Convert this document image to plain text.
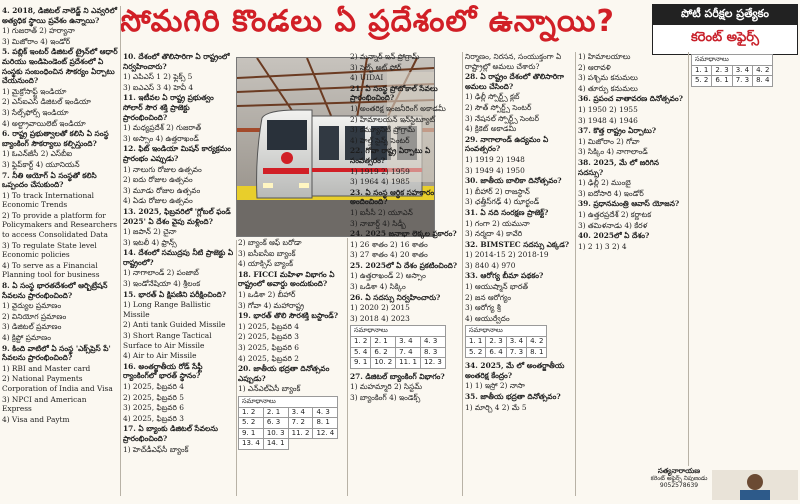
సోమగిరి కొండలు ఏ ప్రదేశంలో ఉన్నాయి?	పోటీ పరీక్షల ప్రత్యేకం
కరెంట్ అఫైర్స్

4. 2018, డిజిటల్ నాలెడ్జ్ ని ఎవ్వరిలో అత్యధిక స్థాయి ప్రవేశం ఉన్నాయి?

1) గుజరాత్ 2) హర్యానా

3) మిజోరాం 4) ఇండోర్

5. పబ్లిక్ ఇంటర్ డిజిటల్ ట్రైన్‌లో ఆధార్ మరియు ఇండిపెండెంట్ ప్రదేశంలో ఏ సంస్థకు సంబంధించిన సౌకర్యం ఏర్పాటు చేయనుంది?

1) మైక్రోసాఫ్ట్ ఇండియా

2) ఎస్ఐఎస్ డిజిటల్ ఇండియా

3) సేల్స్‌ఫోర్స్ ఇండియా

4) అల్ట్రావాయిలెట్ ఇండియా

6. రాష్ట్ర ప్రభుత్వాలతో కలిసి ఏ సంస్థ బ్యాంకింగ్ సౌకర్యాలు కల్పిస్తుంది?

1) ఓఎన్‌జీసీ 2) ఎస్‌బీఐ

3) ఫ్లిప్‌కార్ట్ 4) యూనియన్

7. నీతి ఆయోగ్ ఏ సంస్థతో కలిసి ఒప్పందం చేసుకుంది?

1) To track International Economic Trends

2) To provide a platform for Policymakers and Researchers to access Consolidated Data

3) To regulate State level Economic policies

4) To serve as a Financial Planning tool for business

8. ఏ సంస్థ భారతదేశంలో ఆర్బిట్రేషన్ సేవలను ప్రారంభించింది?

1) వైద్యుల ప్రమాణం

2) వినియోగ ప్రమాణం

3) డిజిటల్ ప్రమాణం

4) క్రిప్టో ప్రమాణం

9. కింది వాటిలో ఏ సంస్థ 'ఎక్స్‌ప్రెస్ పే' సేవలను ప్రారంభించింది?

1) RBI and Master card

2) National Payments Corporation of India and Visa

3) NPCI and American Express

4) Visa and Paytm

10. దేశంలో తొలిసారిగా ఏ రాష్ట్రంలో నిర్వహించారు?

1) ఎపిఎస్ 1 2) ఫ్లెక్స్ 5

3) ఐఎఎస్ 3 4) హెవీ 4

11. ఇటీవల ఏ రాష్ట్ర ప్రభుత్వం సోలార్ సౌర శక్తి ప్రాజెక్టు ప్రారంభించింది?

1) మధ్యప్రదేశ్ 2) గుజరాత్

3) అస్సాం 4) ఉత్తరాఖండ్

12. ఫిట్ ఇండియా మిషన్ కార్యక్రమం ప్రారంభం ఎప్పుడు?

1) నాలుగు రోజుల ఉత్సవం

2) ఐదు రోజుల ఉత్సవం

3) మూడు రోజుల ఉత్సవం

4) ఏడు రోజుల ఉత్సవం

13. 2025, ఫిబ్రవరిలో 'గ్లోబల్ ఫండ్ 2025' ఏ దేశం వైపు మళ్లింది?

1) జపాన్ 2) చైనా

3) ఇటలీ 4) ఫ్రాన్స్

14. దేశంలో సముద్రపు నీటి ప్రాజెక్టు ఏ రాష్ట్రంలో?

1) నాగాలాండ్ 2) పంజాబ్

3) ఇండోనేషియా 4) శ్రీలంక

15. భారత్ ఏ క్షిపణిని పరీక్షించింది?

1) Long Range Ballistic Missile

2) Anti tank Guided Missile

3) Short Range Tactical Surface to Air Missile

4) Air to Air Missile

16. అంతర్జాతీయ రోడ్ సేఫ్టీ ర్యాంకింగ్‌లో భారత్ స్థానం?

1) 2025, ఫిబ్రవరి 4

2) 2025, ఫిబ్రవరి 5

3) 2025, ఫిబ్రవరి 6

4) 2025, ఫిబ్రవరి 3

17. ఏ బ్యాంకు డిజిటల్ సేవలను ప్రారంభించింది?

1) హెచ్‌డీఎఫ్‌సీ బ్యాంక్

2) బ్యాంక్ ఆఫ్ బరోడా

3) ఐసీఐసీఐ బ్యాంక్

4) యాక్సిస్ బ్యాంక్

18. FICCI మహిళా విభాగం ఏ రాష్ట్రంలో అవార్డు అందుకుంది?

1) ఒడిశా 2) బీహార్

3) గోవా 4) మహారాష్ట్ర

19. భారత్ తొలి సౌరశక్తి బస్టాండ్?

1) 2025, ఫిబ్రవరి 4

2) 2025, ఫిబ్రవరి 3

3) 2025, ఫిబ్రవరి 6

4) 2025, ఫిబ్రవరి 2

20. జాతీయ భద్రతా దినోత్సవం ఎప్పుడు?

1) ఎన్‌ఎల్‌ఏసీ బ్యాంక్

సమాధానాలు			
1. 2	2. 1	3. 4	4. 3
5. 2	6. 3	7. 2	8. 1
9. 1	10. 3	11. 2	12. 4
13. 4	14. 1		

2) మన్నార్ ఇన్ ప్రోగ్రామ్

3) సెల్ఫ్ అట్ ఫోర్

4) UIDAI

21. ఏ సంస్థ ప్రోటోకాల్ సేవలు ప్రారంభించింది?

1) అంతరిక్ష ఇంజనీరింగ్ అకాడమీ

2) హిమాలయన్ ఇన్‌స్టిట్యూట్

3) కమ్యూనిటీ ప్రోగ్రామ్

4) హెల్త్ సైన్స్ సెంటర్

22. గోవా రాష్ట్ర ఏర్పాటు ఏ సంవత్సరం?

1) 1919 2) 1959

3) 1964 4) 1985

23. ఏ సంస్థ ఆర్థిక సహకారం అందించింది?

1) ఐసీసీ 2) యూఎన్

3) నాబార్డ్ 4) సిడ్బీ

24. 2025 జనాభా లెక్కల ప్రకారం?

1) 26 శాతం 2) 16 శాతం

3) 27 శాతం 4) 20 శాతం

25. 2025లో ఏ దేశం ప్రకటించింది?

1) ఉత్తరాఖండ్ 2) అస్సాం

3) ఒడిశా 4) సిక్కిం

26. ఏ సదస్సు నిర్వహించారు?

1) 2020 2) 2015

3) 2018 4) 2023

సమాధానాలు			
1. 2	2. 1	3. 4	4. 3
5. 4	6. 2	7. 4	8. 3
9. 1	10. 2	11. 1	12. 3

27. డిజిటల్ బ్యాంకింగ్ విభాగం?

1) మహమ్మారి 2) సిస్టమ్

3) బ్యాంకింగ్ 4) ఇండెక్స్

నిర్మాణం, నిరసన, సంయుక్తంగా ఏ రాష్ట్రాల్లో అమలు చేశారు?

28. ఏ రాష్ట్రం దేశంలో తొలిసారిగా అమలు చేసింది?

1) ఢిల్లీ స్పోర్ట్స్ క్లబ్

2) సౌత్ స్పోర్ట్స్ సెంటర్

3) నేషనల్ స్పోర్ట్స్ సెంటర్

4) క్రికెట్ అకాడమీ

29. నాగాలాండ్ ఉద్యమం ఏ సంవత్సరం?

1) 1919 2) 1948

3) 1949 4) 1950

30. జాతీయ బాలికా దినోత్సవం?

1) బీహార్ 2) రాజస్థాన్

3) ఛత్తీస్‌గఢ్ 4) ఝార్ఖండ్

31. ఏ నది సంరక్షణ ప్రాజెక్ట్?

1) గంగా 2) యమునా

3) నర్మదా 4) కావేరి

32. BIMSTEC సదస్సు ఎక్కడ?

1) 2014-15 2) 2018-19

3) 840 4) 970

33. ఆరోగ్య బీమా పథకం?

1) ఆయుష్మాన్ భారత్

2) జన ఆరోగ్యం

3) ఆరోగ్య శ్రీ

4) ఆయుర్వేదం

సమాధానాలు			
1. 1	2. 3	3. 4	4. 2
5. 2	6. 4	7. 3	8. 1

34. 2025, మే లో అంతర్జాతీయ అంతరిక్ష కేంద్రం?

1) 1) ఇస్రో 2) నాసా

35. జాతీయ భద్రతా దినోత్సవం?

1) మార్చి 4 2) మే 5

1) హిమాలయాలు

2) ఆరావళి

3) పశ్చిమ కనుమలు

4) తూర్పు కనుమలు

36. ప్రపంచ వాతావరణ దినోత్సవం?

1) 1950 2) 1955

3) 1948 4) 1946

37. కొత్త రాష్ట్రం ఏర్పాటు?

1) మిజోరాం 2) గోవా

3) సిక్కిం 4) నాగాలాండ్

38. 2025, మే లో జరిగిన సదస్సు?

1) ఢిల్లీ 2) ముంబై

3) ఐదోసారి 4) ఇండోర్

39. ప్రధానమంత్రి ఆవాస్ యోజన?

1) ఉత్తరప్రదేశ్ 2) కర్ణాటక

3) తమిళనాడు 4) కేరళ

40. 2025లో ఏ దేశం?

1) 2 1) 3 2) 4

సమాధానాలు			
1. 1	2. 3	3. 4	4. 2
5. 2	6. 1	7. 3	8. 4
సత్యనారాయణ
కరెంట్ అఫైర్స్ నిపుణుడు
9052578639
